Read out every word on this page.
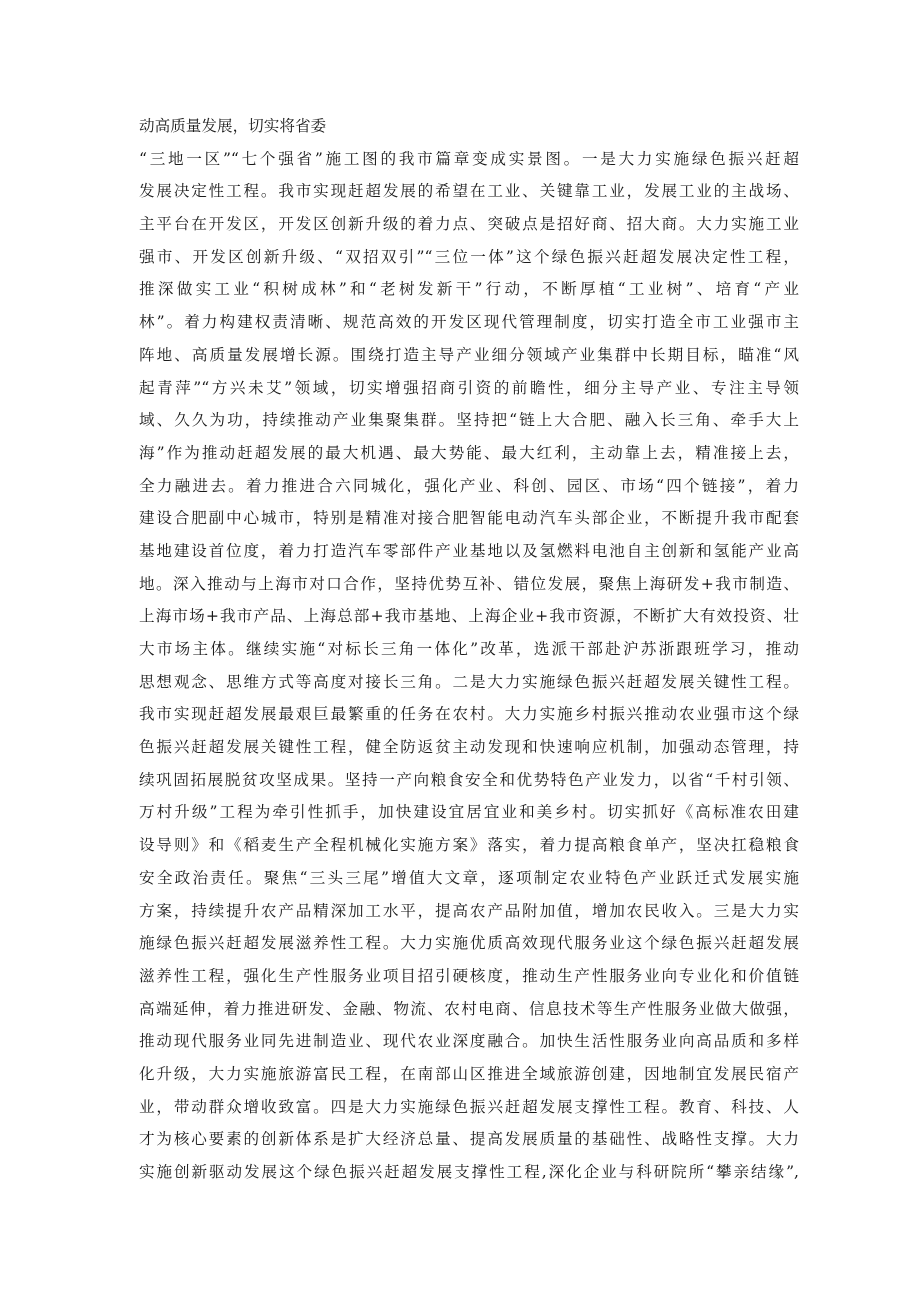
动高质量发展，切实将省委
“三地一区”“七个强省”施工图的我市篇章变成实景图。一是大力实施绿色振兴赶超
发展决定性工程。我市实现赶超发展的希望在工业、关键靠工业，发展工业的主战场、
主平台在开发区，开发区创新升级的着力点、突破点是招好商、招大商。大力实施工业
强市、开发区创新升级、“双招双引”“三位一体”这个绿色振兴赶超发展决定性工程，
推深做实工业“积树成林”和“老树发新干”行动，不断厚植“工业树”、培育“产业
林”。着力构建权责清晰、规范高效的开发区现代管理制度，切实打造全市工业强市主
阵地、高质量发展增长源。围绕打造主导产业细分领域产业集群中长期目标，瞄准“风
起青萍”“方兴未艾”领域，切实增强招商引资的前瞻性，细分主导产业、专注主导领
域、久久为功，持续推动产业集聚集群。坚持把“链上大合肥、融入长三角、牵手大上
海”作为推动赶超发展的最大机遇、最大势能、最大红利，主动靠上去，精准接上去，
全力融进去。着力推进合六同城化，强化产业、科创、园区、市场“四个链接”，着力
建设合肥副中心城市，特别是精准对接合肥智能电动汽车头部企业，不断提升我市配套
基地建设首位度，着力打造汽车零部件产业基地以及氢燃料电池自主创新和氢能产业高
地。深入推动与上海市对口合作，坚持优势互补、错位发展，聚焦上海研发+我市制造、
上海市场+我市产品、上海总部+我市基地、上海企业+我市资源，不断扩大有效投资、壮
大市场主体。继续实施“对标长三角一体化”改革，选派干部赴沪苏浙跟班学习，推动
思想观念、思维方式等高度对接长三角。二是大力实施绿色振兴赶超发展关键性工程。
我市实现赶超发展最艰巨最繁重的任务在农村。大力实施乡村振兴推动农业强市这个绿
色振兴赶超发展关键性工程，健全防返贫主动发现和快速响应机制，加强动态管理，持
续巩固拓展脱贫攻坚成果。坚持一产向粮食安全和优势特色产业发力，以省“千村引领、
万村升级”工程为牵引性抓手，加快建设宜居宜业和美乡村。切实抓好《高标准农田建
设导则》和《稻麦生产全程机械化实施方案》落实，着力提高粮食单产，坚决扛稳粮食
安全政治责任。聚焦“三头三尾”增值大文章，逐项制定农业特色产业跃迁式发展实施
方案，持续提升农产品精深加工水平，提高农产品附加值，增加农民收入。三是大力实
施绿色振兴赶超发展滋养性工程。大力实施优质高效现代服务业这个绿色振兴赶超发展
滋养性工程，强化生产性服务业项目招引硬核度，推动生产性服务业向专业化和价值链
高端延伸，着力推进研发、金融、物流、农村电商、信息技术等生产性服务业做大做强，
推动现代服务业同先进制造业、现代农业深度融合。加快生活性服务业向高品质和多样
化升级，大力实施旅游富民工程，在南部山区推进全域旅游创建，因地制宜发展民宿产
业，带动群众增收致富。四是大力实施绿色振兴赶超发展支撑性工程。教育、科技、人
才为核心要素的创新体系是扩大经济总量、提高发展质量的基础性、战略性支撑。大力
实施创新驱动发展这个绿色振兴赶超发展支撑性工程,深化企业与科研院所“攀亲结缘”,
